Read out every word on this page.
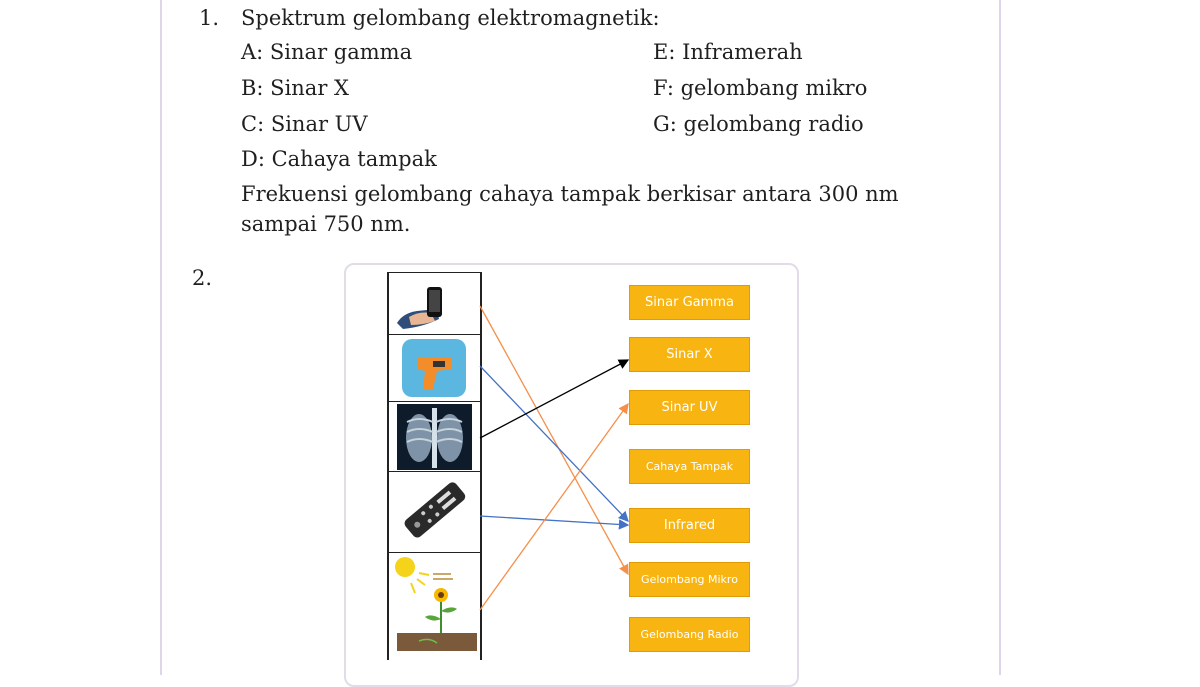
1. Spektrum gelombang elektromagnetik:
A: Sinar gamma
B: Sinar X
C: Sinar UV
D: Cahaya tampak
E: Inframerah
F: gelombang mikro
G: gelombang radio
Frekuensi gelombang cahaya tampak berkisar antara 300 nm
sampai 750 nm.
2.
Sinar Gamma
Sinar X
Sinar UV
Cahaya Tampak
Infrared
Gelombang Mikro
Gelombang Radio
